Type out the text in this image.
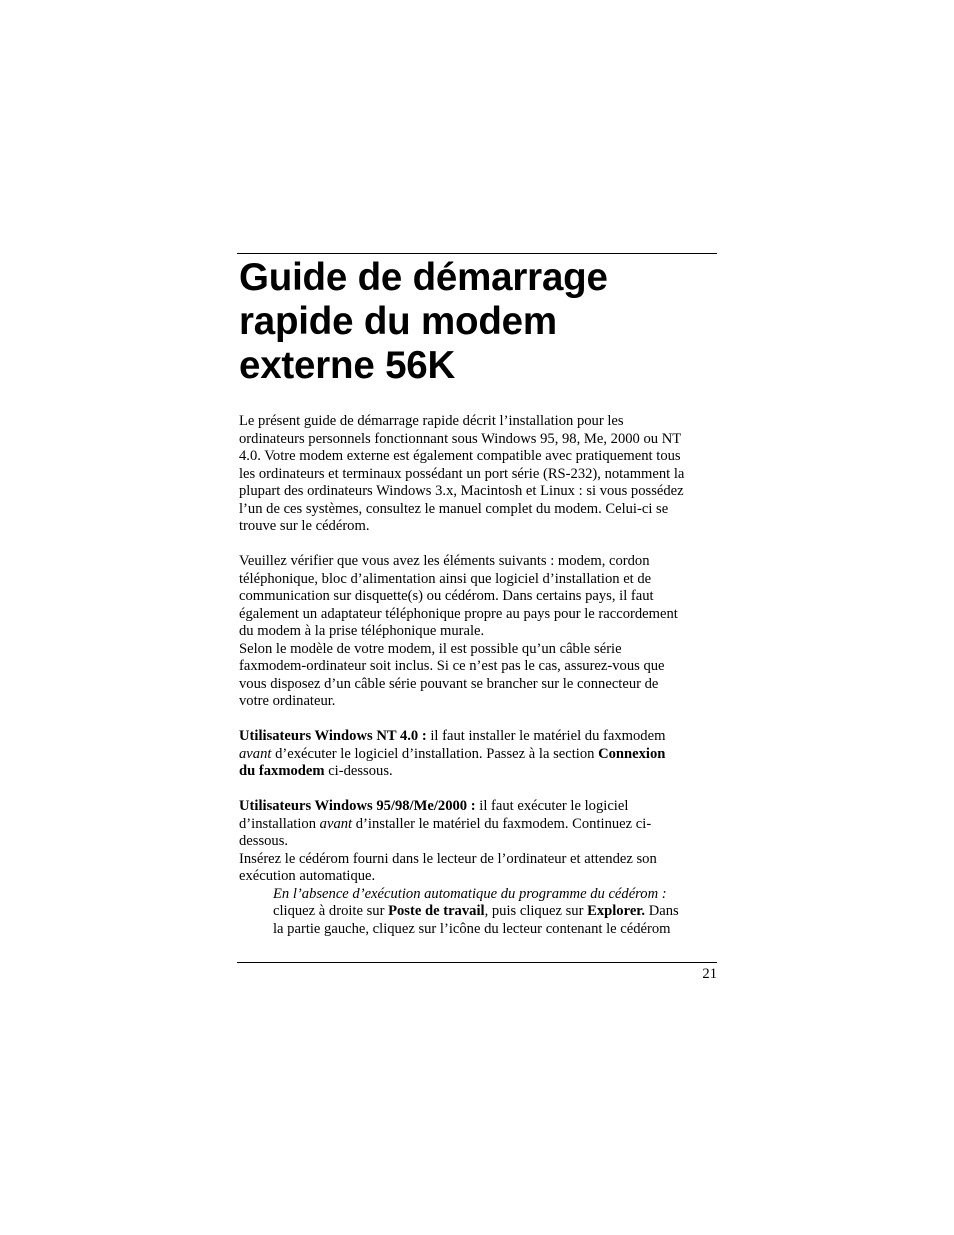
Guide de démarrage
rapide du modem
externe 56K

Le présent guide de démarrage rapide décrit l’installation pour les
ordinateurs personnels fonctionnant sous Windows 95, 98, Me, 2000 ou NT
4.0. Votre modem externe est également compatible avec pratiquement tous
les ordinateurs et terminaux possédant un port série (RS-232), notamment la
plupart des ordinateurs Windows 3.x, Macintosh et Linux : si vous possédez
l’un de ces systèmes, consultez le manuel complet du modem. Celui-ci se
trouve sur le cédérom.

Veuillez vérifier que vous avez les éléments suivants : modem, cordon
téléphonique, bloc d’alimentation ainsi que logiciel d’installation et de
communication sur disquette(s) ou cédérom. Dans certains pays, il faut
également un adaptateur téléphonique propre au pays pour le raccordement
du modem à la prise téléphonique murale.
Selon le modèle de votre modem, il est possible qu’un câble série
faxmodem-ordinateur soit inclus. Si ce n’est pas le cas, assurez-vous que
vous disposez d’un câble série pouvant se brancher sur le connecteur de
votre ordinateur.

Utilisateurs Windows NT 4.0 : il faut installer le matériel du faxmodem
avant d’exécuter le logiciel d’installation. Passez à la section Connexion
du faxmodem ci-dessous.

Utilisateurs Windows 95/98/Me/2000 : il faut exécuter le logiciel
d’installation avant d’installer le matériel du faxmodem. Continuez ci-
dessous.
Insérez le cédérom fourni dans le lecteur de l’ordinateur et attendez son
exécution automatique.

En l’absence d’exécution automatique du programme du cédérom :
cliquez à droite sur Poste de travail, puis cliquez sur Explorer. Dans
la partie gauche, cliquez sur l’icône du lecteur contenant le cédérom

21
